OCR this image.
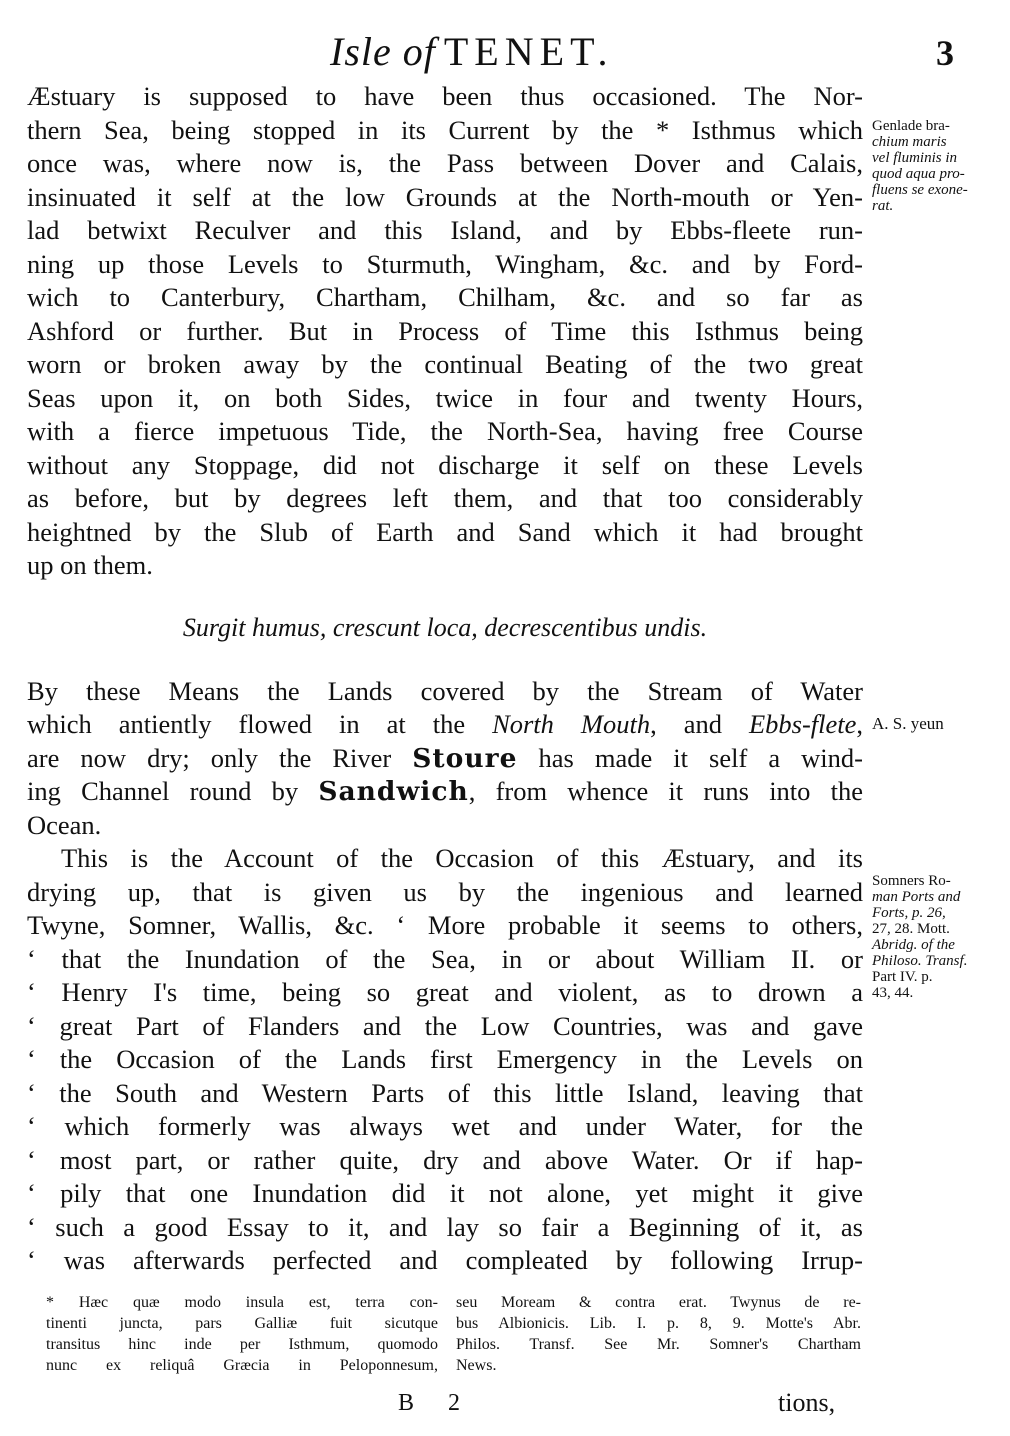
Isle of TENET.	3
Æstuary is supposed to have been thus occasioned. The Nor-
thern Sea, being stopped in its Current by the * Isthmus which
once was, where now is, the Pass between Dover and Calais,
insinuated it self at the low Grounds at the North-mouth or Yen-
lad betwixt Reculver and this Island, and by Ebbs-fleete run-
ning up those Levels to Sturmuth, Wingham, &c. and by Ford-
wich to Canterbury, Chartham, Chilham, &c. and so far as
Ashford or further. But in Process of Time this Isthmus being
worn or broken away by the continual Beating of the two great
Seas upon it, on both Sides, twice in four and twenty Hours,
with a fierce impetuous Tide, the North-Sea, having free Course
without any Stoppage, did not discharge it self on these Levels
as before, but by degrees left them, and that too considerably
heightned by the Slub of Earth and Sand which it had brought
up on them.
Surgit humus, crescunt loca, decrescentibus undis.
By these Means the Lands covered by the Stream of Water
which antiently flowed in at the North Mouth, and Ebbs-flete,
are now dry; only the River Stoure has made it self a wind-
ing Channel round by Sandwich, from whence it runs into the
Ocean.
This is the Account of the Occasion of this Æstuary, and its
drying up, that is given us by the ingenious and learned
Twyne, Somner, Wallis, &c. ‘ More probable it seems to others,
‘ that the Inundation of the Sea, in or about William II. or
‘ Henry I's time, being so great and violent, as to drown a
‘ great Part of Flanders and the Low Countries, was and gave
‘ the Occasion of the Lands first Emergency in the Levels on
‘ the South and Western Parts of this little Island, leaving that
‘ which formerly was always wet and under Water, for the
‘ most part, or rather quite, dry and above Water. Or if hap-
‘ pily that one Inundation did it not alone, yet might it give
‘ such a good Essay to it, and lay so fair a Beginning of it, as
‘ was afterwards perfected and compleated by following Irrup-
Genlade bra-
chium maris
vel fluminis in
quod aqua pro-
fluens se exone-
rat.
A. S. yeun
Somners Ro-
man Ports and
Forts, p. 26,
27, 28. Mott.
Abridg. of the
Philoso. Transf.
Part IV. p.
43, 44.
* Hæc quæ modo insula est, terra con-
tinenti juncta, pars Galliæ fuit sicutque
transitus hinc inde per Isthmum, quomodo
nunc ex reliquâ Græcia in Peloponnesum,
seu Moream & contra erat. Twynus de re-
bus Albionicis. Lib. I. p. 8, 9. Motte's Abr.
Philos. Transf. See Mr. Somner's Chartham
News.
B 2	tions,
